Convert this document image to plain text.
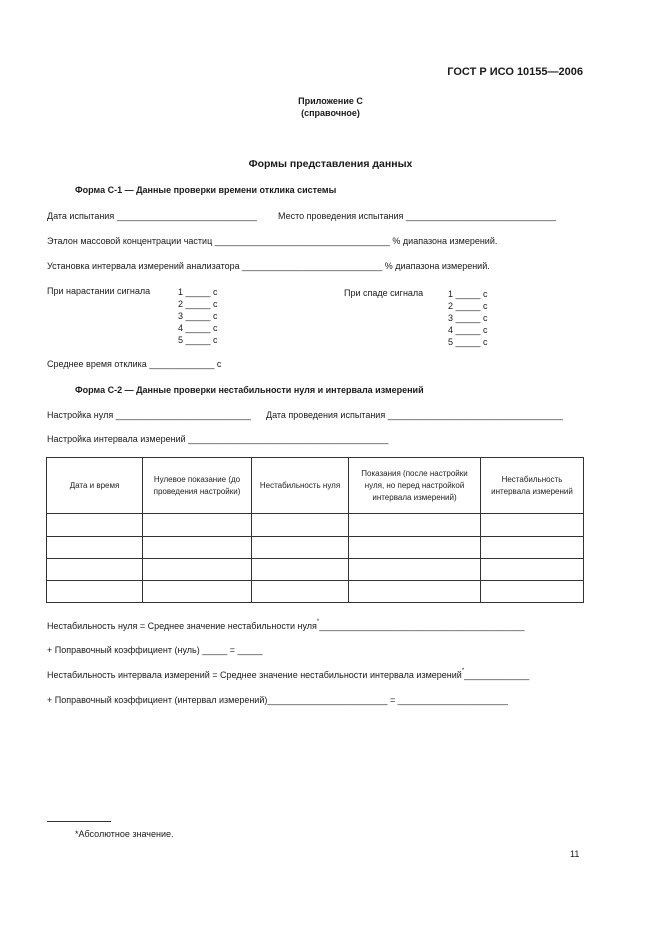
ГОСТ Р ИСО 10155—2006
Приложение С
(справочное)
Формы представления данных
Форма С-1 — Данные проверки времени отклика системы
Дата испытания ____________________________ Место проведения испытания ______________________________
Эталон массовой концентрации частиц ___________________________________ % диапазона измерений.
Установка интервала измерений анализатора ____________________________ % диапазона измерений.
При нарастании сигнала	1 _____ с
2 _____ с
3 _____ с
4 _____ с
5 _____ с
При спаде сигнала	1 _____ с
2 _____ с
3 _____ с
4 _____ с
5 _____ с
Среднее время отклика _____________ с
Форма С-2 — Данные проверки нестабильности нуля и интервала измерений
Настройка нуля ___________________________ Дата проведения испытания ___________________________________
Настройка интервала измерений ________________________________________
Дата и время	Нулевое показание (до проведения настройки)	Нестабильность нуля	Показания (после настройки нуля, но перед настройкой интервала измерений)	Нестабильность интервала измерений

Нестабильность нуля = Среднее значение нестабильности нуля*_________________________________________
+ Поправочный коэффициент (нуль) _____ = _____
Нестабильность интервала измерений = Среднее значение нестабильности интервала измерений*_____________
+ Поправочный коэффициент (интервал измерений)________________________ = ______________________
*Абсолютное значение.
11
